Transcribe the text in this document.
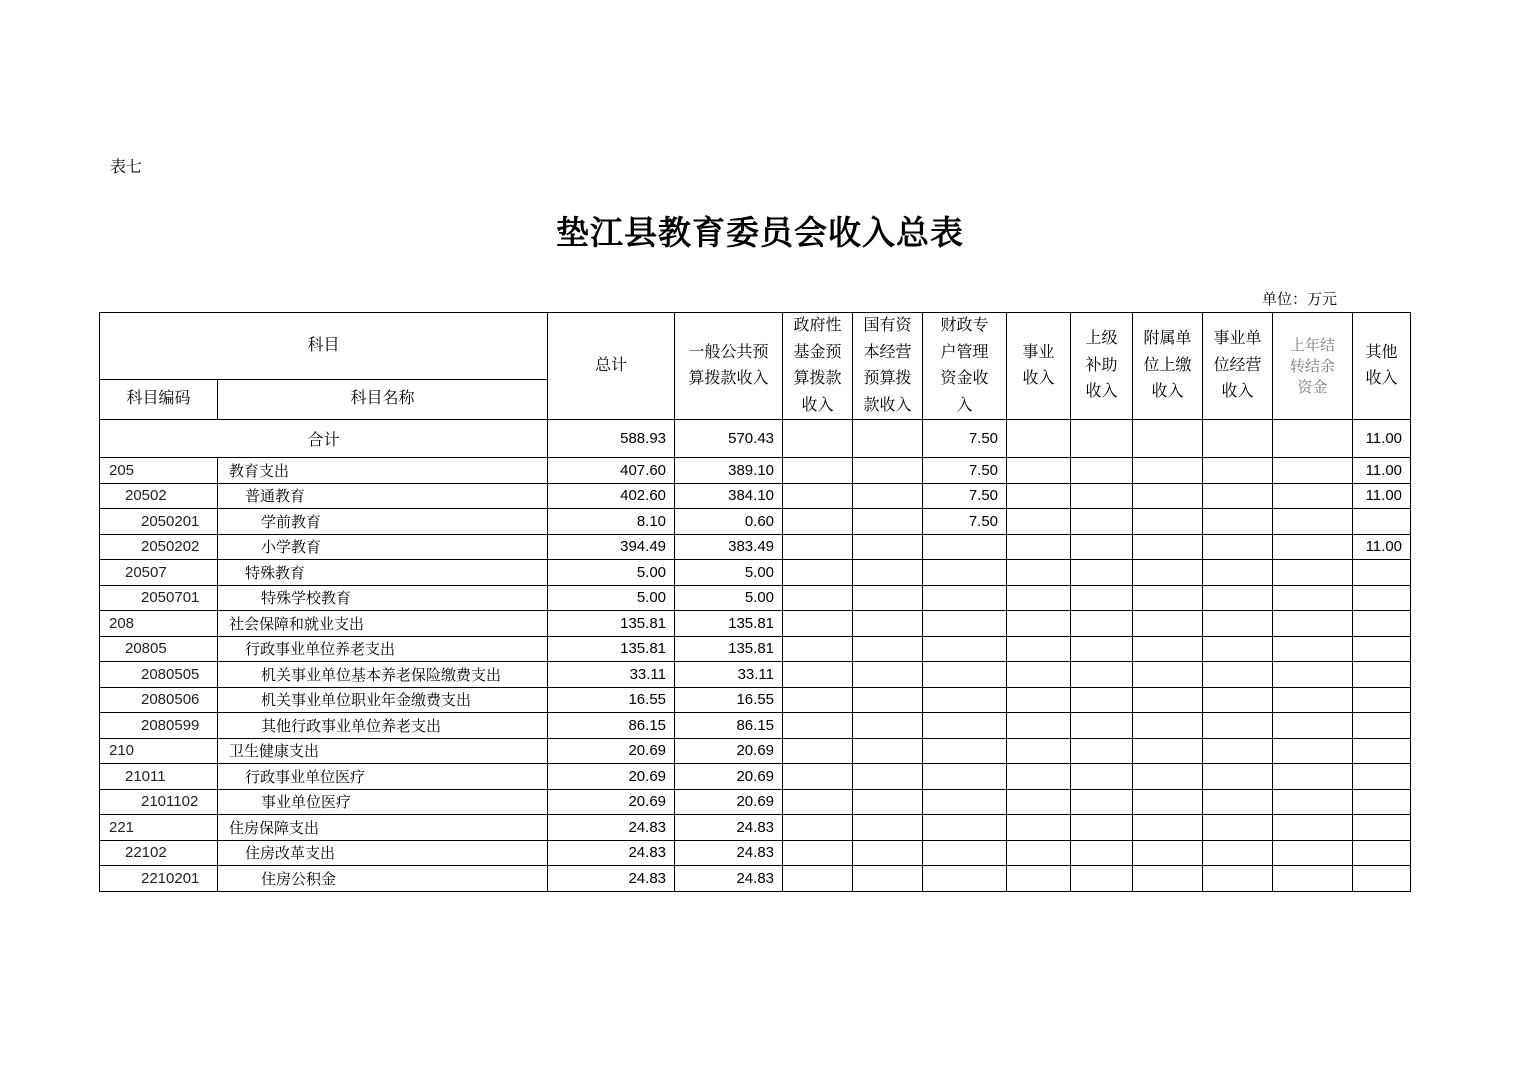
表七
垫江县教育委员会收入总表
单位：万元
科目		总计	一般公共预算拨款收入	政府性基金预算拨款收入	国有资本经营预算拨款收入	财政专户管理资金收入	事业收入	上级补助收入	附属单位上缴收入	事业单位经营收入	上年结转结余资金	其他收入
科目编码	科目名称											
合计		588.93	570.43			7.50						11.00
205	教育支出	407.60	389.10			7.50						11.00
20502	普通教育	402.60	384.10			7.50						11.00
2050201	学前教育	8.10	0.60			7.50						
2050202	小学教育	394.49	383.49									11.00
20507	特殊教育	5.00	5.00									
2050701	特殊学校教育	5.00	5.00									
208	社会保障和就业支出	135.81	135.81									
20805	行政事业单位养老支出	135.81	135.81									
2080505	机关事业单位基本养老保险缴费支出	33.11	33.11									
2080506	机关事业单位职业年金缴费支出	16.55	16.55									
2080599	其他行政事业单位养老支出	86.15	86.15									
210	卫生健康支出	20.69	20.69									
21011	行政事业单位医疗	20.69	20.69									
2101102	事业单位医疗	20.69	20.69									
221	住房保障支出	24.83	24.83									
22102	住房改革支出	24.83	24.83									
2210201	住房公积金	24.83	24.83									
